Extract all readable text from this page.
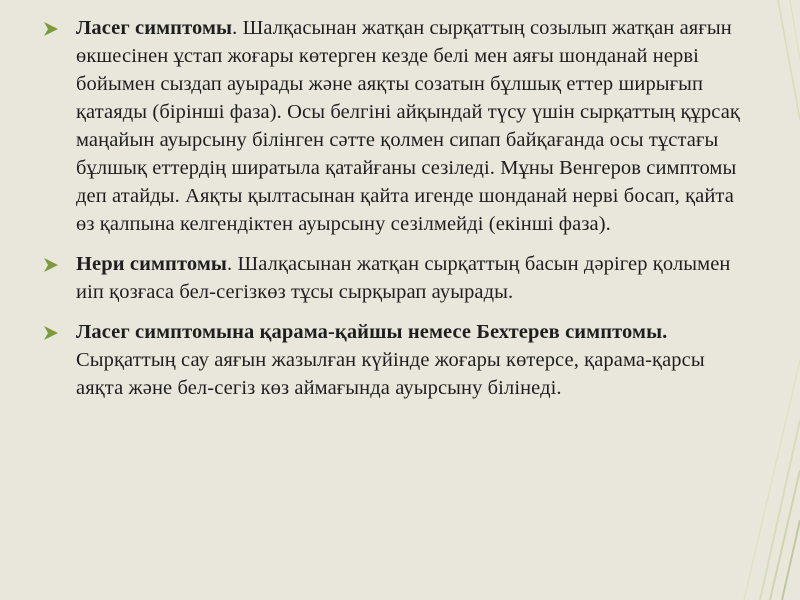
Ласег симптомы. Шалқасынан жатқан сырқаттың созылып жатқан аяғын өкшесінен ұстап жоғары көтерген кезде белі мен аяғы шонданай нерві бойымен сыздап ауырады және аяқты созатын бұлшық еттер ширығып қатаяды (бірінші фаза). Осы белгіні айқындай түсу үшін сырқаттың құрсақ маңайын ауырсыну білінген сәтте қолмен сипап байқағанда осы тұстағы бұлшық еттердің ширатыла қатайғаны сезіледі. Мұны Венгеров симптомы деп атайды. Аяқты қылтасынан қайта игенде шонданай нерві босап, қайта өз қалпына келгендіктен ауырсыну сезілмейді (екінші фаза).
Нери симптомы. Шалқасынан жатқан сырқаттың басын дәрігер қолымен иіп қозғаса бел-сегізкөз тұсы сырқырап ауырады.
Ласег симптомына қарама-қайшы немесе Бехтерев симптомы. Сырқаттың сау аяғын жазылған күйінде жоғары көтерсе, қарама-қарсы аяқта және бел-сегіз көз аймағында ауырсыну білінеді.
